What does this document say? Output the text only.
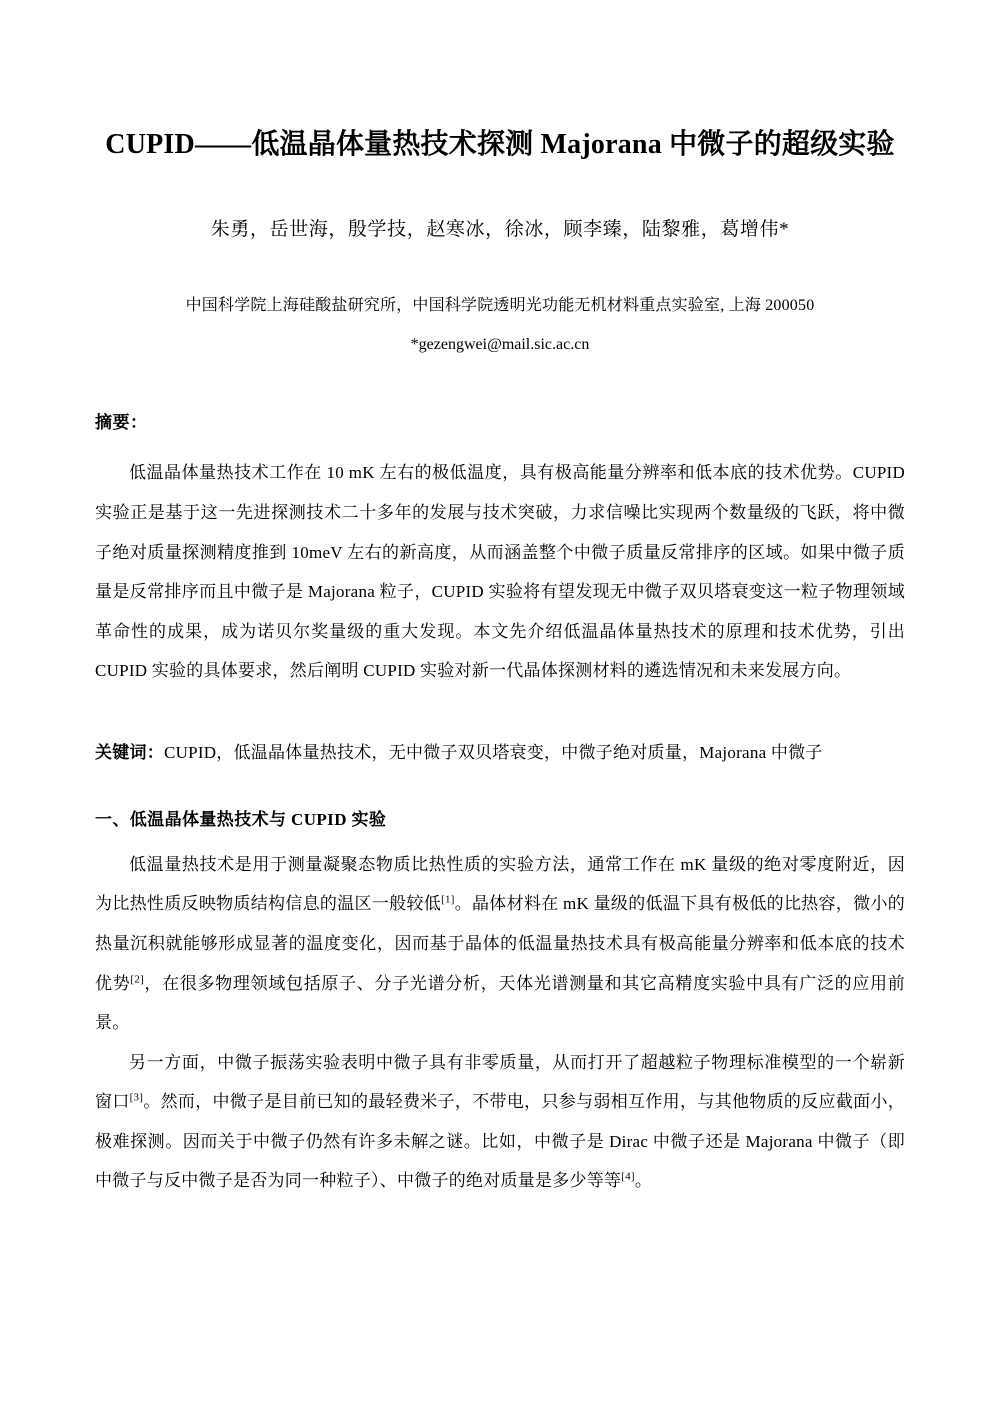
CUPID——低温晶体量热技术探测 Majorana 中微子的超级实验

朱勇，岳世海，殷学技，赵寒冰，徐冰，顾李臻，陆黎雅，葛增伟*

中国科学院上海硅酸盐研究所，中国科学院透明光功能无机材料重点实验室, 上海 200050

*gezengwei@mail.sic.ac.cn

摘要：

低温晶体量热技术工作在 10 mK 左右的极低温度，具有极高能量分辨率和低本底的技术优势。CUPID 实验正是基于这一先进探测技术二十多年的发展与技术突破，力求信噪比实现两个数量级的飞跃，将中微子绝对质量探测精度推到 10meV 左右的新高度，从而涵盖整个中微子质量反常排序的区域。如果中微子质量是反常排序而且中微子是 Majorana 粒子，CUPID 实验将有望发现无中微子双贝塔衰变这一粒子物理领域革命性的成果，成为诺贝尔奖量级的重大发现。本文先介绍低温晶体量热技术的原理和技术优势，引出 CUPID 实验的具体要求，然后阐明 CUPID 实验对新一代晶体探测材料的遴选情况和未来发展方向。

关键词：CUPID，低温晶体量热技术，无中微子双贝塔衰变，中微子绝对质量，Majorana 中微子

一、低温晶体量热技术与 CUPID 实验

低温量热技术是用于测量凝聚态物质比热性质的实验方法，通常工作在 mK 量级的绝对零度附近，因为比热性质反映物质结构信息的温区一般较低[1]。晶体材料在 mK 量级的低温下具有极低的比热容，微小的热量沉积就能够形成显著的温度变化，因而基于晶体的低温量热技术具有极高能量分辨率和低本底的技术优势[2]，在很多物理领域包括原子、分子光谱分析，天体光谱测量和其它高精度实验中具有广泛的应用前景。

另一方面，中微子振荡实验表明中微子具有非零质量，从而打开了超越粒子物理标准模型的一个崭新窗口[3]。然而，中微子是目前已知的最轻费米子，不带电，只参与弱相互作用，与其他物质的反应截面小，极难探测。因而关于中微子仍然有许多未解之谜。比如，中微子是 Dirac 中微子还是 Majorana 中微子（即中微子与反中微子是否为同一种粒子）、中微子的绝对质量是多少等等[4]。
